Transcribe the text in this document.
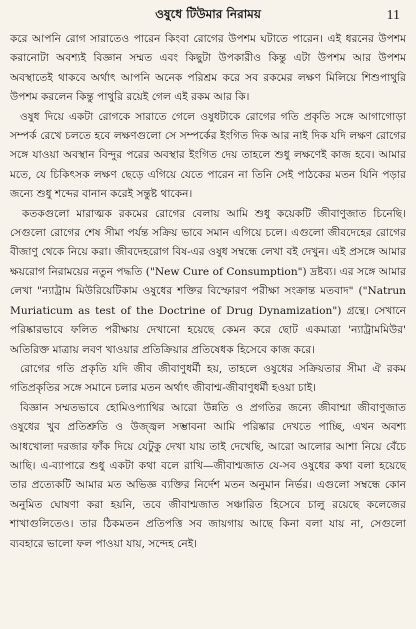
ওষুধে টিউমার নিরাময়	11

করে আপনি রোগ সারাতেও পারেন কিংবা রোগের উপশম ঘটাতে পারেন। এই ধরনের উপশম করানোটা অবশ্যই বিজ্ঞান সম্মত এবং কিছুটা উপকারীও কিন্তু এটা উপশম আর উপশম অবস্থাতেই থাকবে অর্থাৎ আপনি অনেক পরিশ্রম করে সব রকমের লক্ষণ মিলিয়ে শিশুপাথুরি উপশম করলেন কিন্তু পাথুরি রয়েই গেল এই রকম আর কি।

ওষুধ দিয়ে একটা রোগকে সারাতে গেলে ওষুধটাকে রোগের গতি প্রকৃতি সঙ্গে আগাগোড়া সম্পর্ক রেখে চলতে হবে লক্ষণগুলো সে সম্পর্কের ইংগিত দিক আর নাই দিক যদি লক্ষণ রোগের সঙ্গে যাওয়া অবস্থান বিন্দুর পরের অবস্থার ইংগিত দেয় তাহলে শুধু লক্ষণেই কাজ হবে। আমার মতে, যে চিকিৎসক লক্ষণ ছেড়ে এগিয়ে যেতে পারেন না তিনি সেই পাঠকের মতন যিনি পড়ার জন্যে শুধু শব্দের বানান করেই সন্তুষ্ট থাকেন।

কতকগুলো মারাত্মক রকমের রোগের বেলায় আমি শুধু কয়েকটি জীবাণুজাত চিনেছি। সেগুলো রোগের শেষ সীমা পর্যন্ত সক্রিয় ভাবে সমান এগিয়ে চলে। এগুলো জীবদেহের রোগের বীজাণু থেকে নিয়ে করা। জীবদেহরোগ বিষ-এর ওষুধ সম্বন্ধে লেখা বই দেখুন। এই প্রসঙ্গে আমার ক্ষয়রোগ নিরাময়ের নতুন পদ্ধতি ("New Cure of Consumption") দ্রষ্টব্য। এর সঙ্গে আমার লেখা "ন্যাট্রাম মিউরিয়েটিকাম ওষুধের শক্তির বিস্ফোরণ পরীক্ষা সংক্রান্ত মতবাদ" ("Natrun Muriaticum as test of the Doctrine of Drug Dynamization") গ্রন্থে। সেখানে পরিষ্কারভাবে ফলিত পরীক্ষায় দেখানো হয়েছে কেমন করে ছোট একমাত্রা 'ন্যাট্রামমিউর' অতিরিক্ত মাত্রায় লবণ খাওয়ার প্রতিক্রিয়ার প্রতিষেধক হিসেবে কাজ করে।

রোগের গতি প্রকৃতি যদি জীব জীবাণুধর্মী হয়, তাহলে ওষুধের সক্রিয়তার সীমা ঐ রকম গতিপ্রকৃতির সঙ্গে সমানে চলার মতন অর্থাৎ জীবাশ্ম-জীবাণুধর্মী হওয়া চাই।

বিজ্ঞান সম্মতভাবে হোমিওপ্যাথির আরো উন্নতি ও প্রগতির জন্যে জীবাশ্মা জীবাণুজাত ওষুধের খুব প্রতিশ্রুতি ও উজ্জ্বল সম্ভাবনা আমি পরিষ্কার দেখতে পাচ্ছি, এখন অবশ্য আধখোলা দরজার ফাঁক দিয়ে যেটুকু দেখা যায় তাই দেখেছি, আরো আলোর আশা নিয়ে বেঁচে আছি। এ-ব্যাপারে শুধু একটা কথা বলে রাখি—জীবাশ্মজাত যে-সব ওষুধের কথা বলা হয়েছে তার প্রত্যেকটি আমার মত অভিজ্ঞ ব্যক্তির নির্দেশ মতন অনুমান নির্ভর। এগুলো সম্বন্ধে কোন অনুমিত ঘোষণা করা হয়নি, তবে জীবাশ্মজাত সঞ্চারিত হিসেবে চালু রয়েছে কলেজের শাখাগুলিতেও। তার ঠিকমতন প্রতিপত্তি সব জায়গায় আছে কিনা বলা যায় না, সেগুলো ব্যবহারে ভালো ফল পাওয়া যায়, সন্দেহ নেই।
